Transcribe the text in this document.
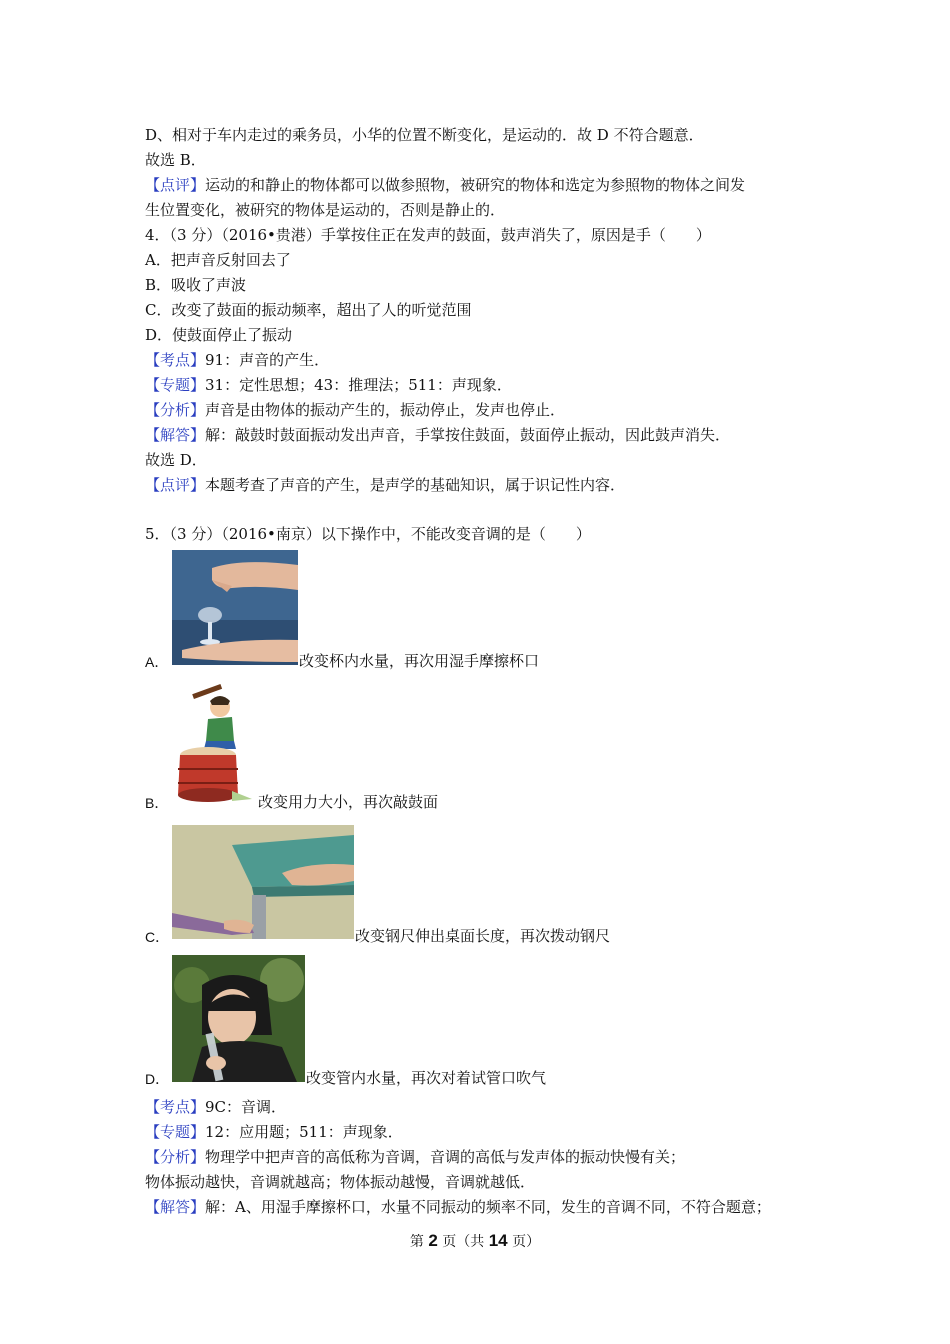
D、相对于车内走过的乘务员，小华的位置不断变化，是运动的．故 D 不符合题意．
故选 B．
【点评】运动的和静止的物体都可以做参照物，被研究的物体和选定为参照物的物体之间发
生位置变化，被研究的物体是运动的，否则是静止的．
4．（3 分）（2016•贵港）手掌按住正在发声的鼓面，鼓声消失了，原因是手（　　）
A．把声音反射回去了
B．吸收了声波
C．改变了鼓面的振动频率，超出了人的听觉范围
D．使鼓面停止了振动
【考点】91：声音的产生．
【专题】31：定性思想；43：推理法；511：声现象．
【分析】声音是由物体的振动产生的，振动停止，发声也停止．
【解答】解：敲鼓时鼓面振动发出声音，手掌按住鼓面，鼓面停止振动，因此鼓声消失．
故选 D．
【点评】本题考查了声音的产生，是声学的基础知识，属于识记性内容．
5．（3 分）（2016•南京）以下操作中，不能改变音调的是（　　）
A．	改变杯内水量，再次用湿手摩擦杯口
B．	改变用力大小，再次敲鼓面
C．	改变钢尺伸出桌面长度，再次拨动钢尺
D．	改变管内水量，再次对着试管口吹气
【考点】9C：音调．
【专题】12：应用题；511：声现象．
【分析】物理学中把声音的高低称为音调，音调的高低与发声体的振动快慢有关；
物体振动越快，音调就越高；物体振动越慢，音调就越低．
【解答】解：A、用湿手摩擦杯口，水量不同振动的频率不同，发生的音调不同，不符合题意；
第 2 页（共 14 页）
